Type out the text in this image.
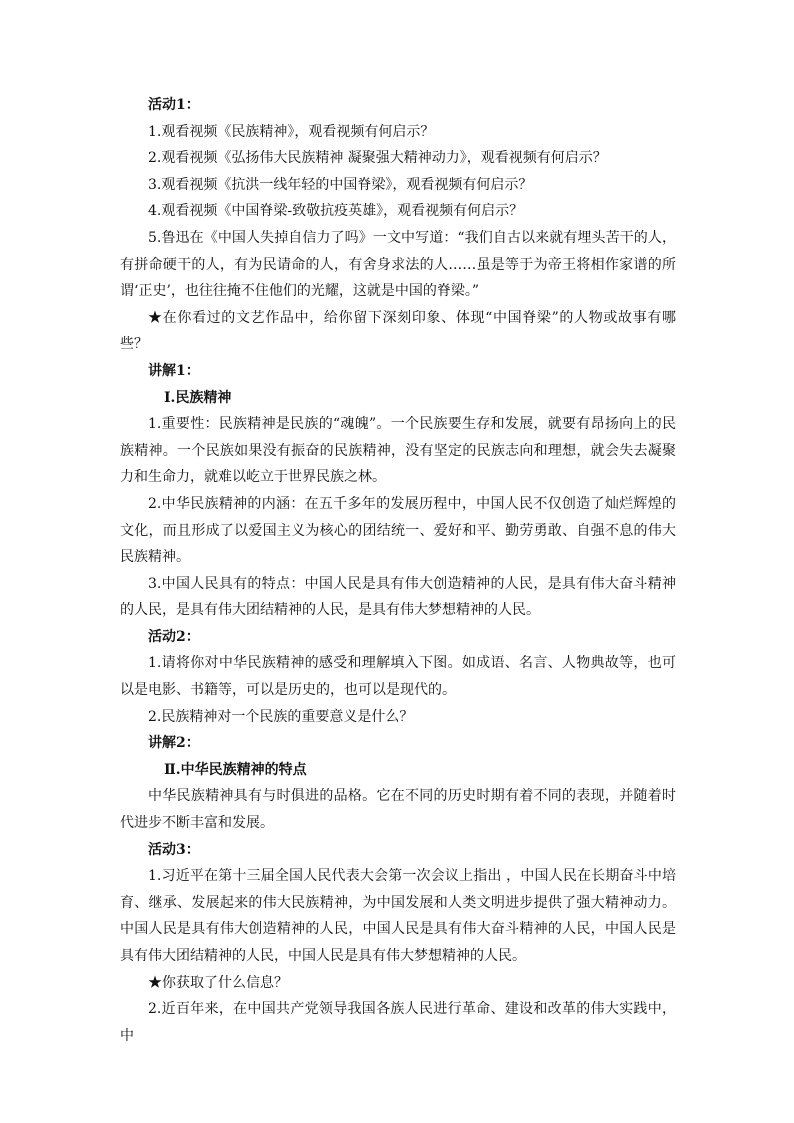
活动1：

1.观看视频《民族精神》，观看视频有何启示？

2.观看视频《弘扬伟大民族精神 凝聚强大精神动力》，观看视频有何启示？

3.观看视频《抗洪一线年轻的中国脊梁》，观看视频有何启示？

4.观看视频《中国脊梁-致敬抗疫英雄》，观看视频有何启示？

5.鲁迅在《中国人失掉自信力了吗》一文中写道：“我们自古以来就有埋头苦干的人，有拼命硬干的人，有为民请命的人，有舍身求法的人……虽是等于为帝王将相作家谱的所谓‘正史’，也往往掩不住他们的光耀，这就是中国的脊梁。”

★在你看过的文艺作品中，给你留下深刻印象、体现“中国脊梁”的人物或故事有哪些？

讲解1：

Ⅰ.民族精神

1.重要性：民族精神是民族的“魂魄”。一个民族要生存和发展，就要有昂扬向上的民族精神。一个民族如果没有振奋的民族精神，没有坚定的民族志向和理想，就会失去凝聚力和生命力，就难以屹立于世界民族之林。

2.中华民族精神的内涵：在五千多年的发展历程中，中国人民不仅创造了灿烂辉煌的文化，而且形成了以爱国主义为核心的团结统一、爱好和平、勤劳勇敢、自强不息的伟大民族精神。

3.中国人民具有的特点：中国人民是具有伟大创造精神的人民，是具有伟大奋斗精神的人民，是具有伟大团结精神的人民，是具有伟大梦想精神的人民。

活动2：

1.请将你对中华民族精神的感受和理解填入下图。如成语、名言、人物典故等，也可以是电影、书籍等，可以是历史的，也可以是现代的。

2.民族精神对一个民族的重要意义是什么？

讲解2：

Ⅱ.中华民族精神的特点

中华民族精神具有与时俱进的品格。它在不同的历史时期有着不同的表现，并随着时代进步不断丰富和发展。

活动3：

1.习近平在第十三届全国人民代表大会第一次会议上指出 ，中国人民在长期奋斗中培育、继承、发展起来的伟大民族精神，为中国发展和人类文明进步提供了强大精神动力。中国人民是具有伟大创造精神的人民，中国人民是具有伟大奋斗精神的人民，中国人民是具有伟大团结精神的人民，中国人民是具有伟大梦想精神的人民。

★你获取了什么信息？

2.近百年来，在中国共产党领导我国各族人民进行革命、建设和改革的伟大实践中，中
